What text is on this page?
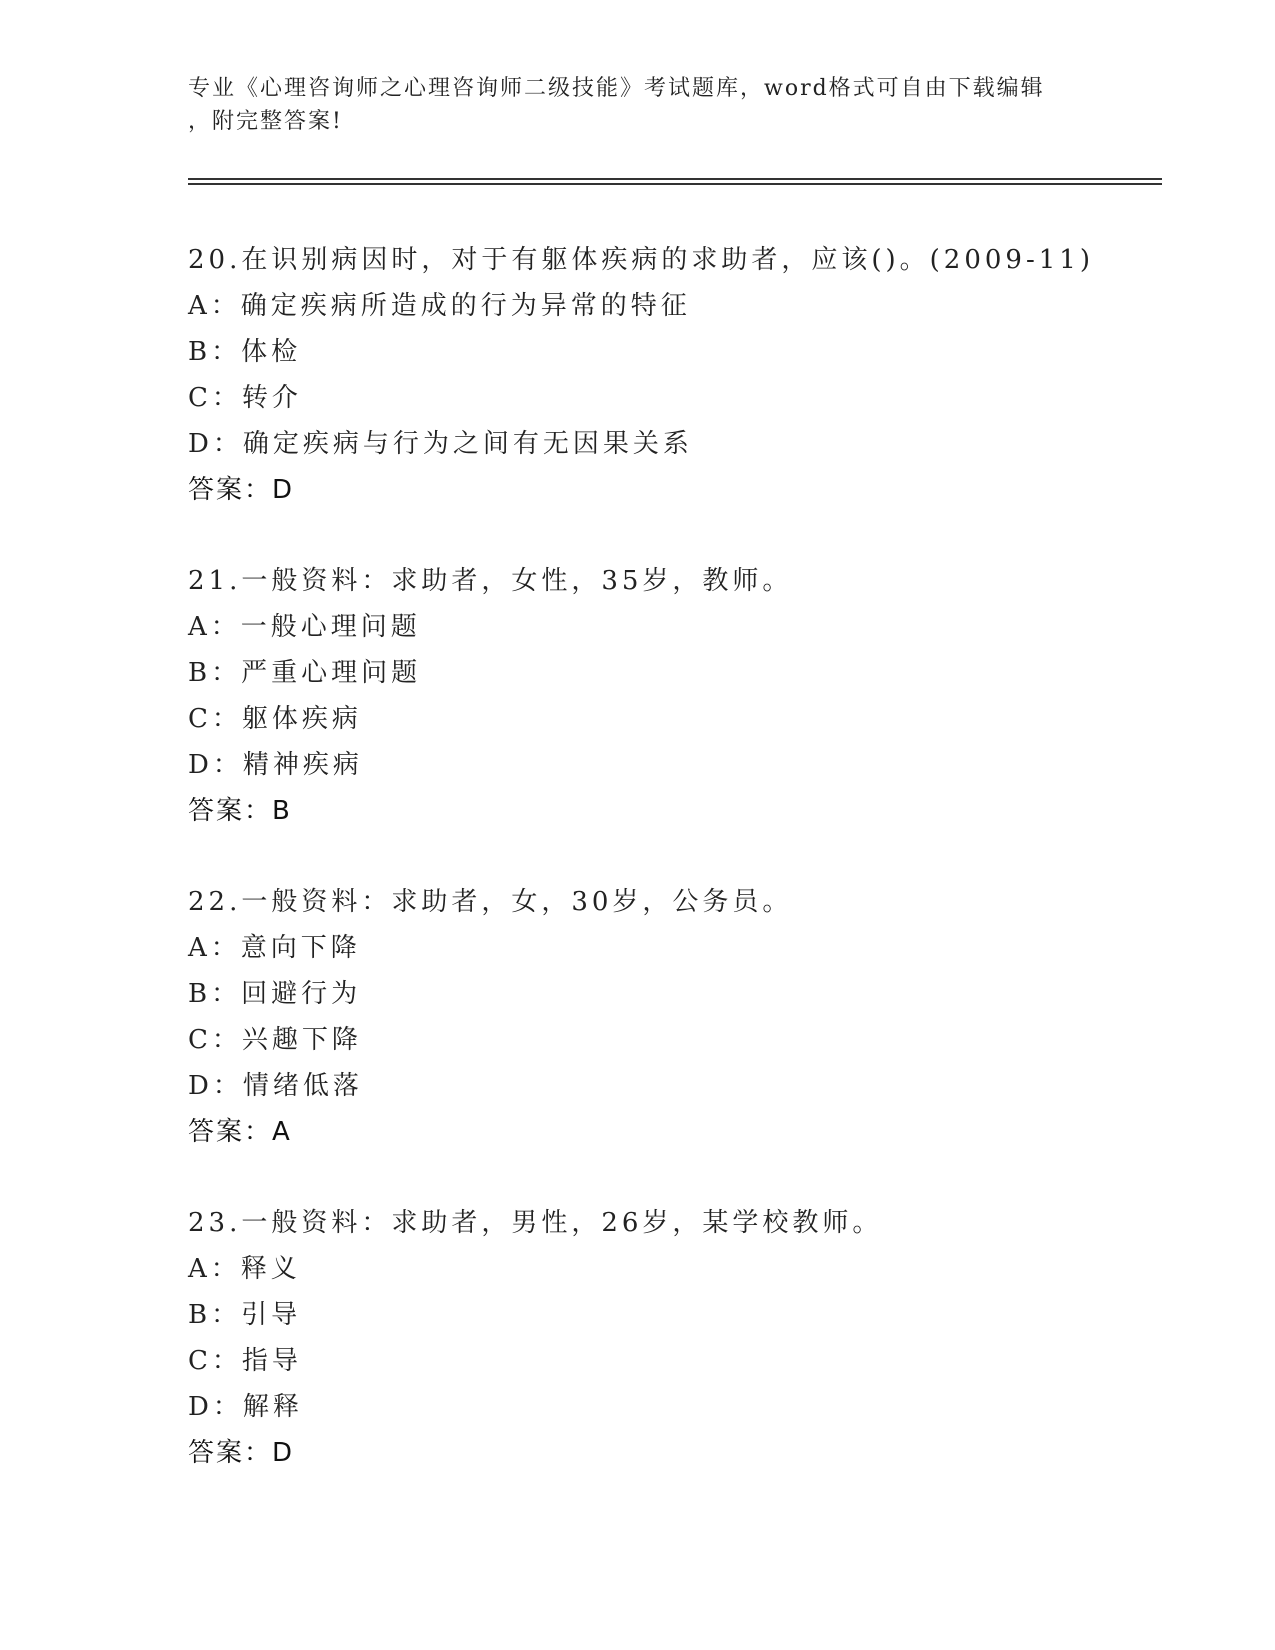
专业《心理咨询师之心理咨询师二级技能》考试题库，word格式可自由下载编辑
，附完整答案!
20.在识别病因时，对于有躯体疾病的求助者，应该()。(2009-11)
A：确定疾病所造成的行为异常的特征
B：体检
C：转介
D：确定疾病与行为之间有无因果关系
答案：D
21.一般资料：求助者，女性，35岁，教师。
A：一般心理问题
B：严重心理问题
C：躯体疾病
D：精神疾病
答案：B
22.一般资料：求助者，女，30岁，公务员。
A：意向下降
B：回避行为
C：兴趣下降
D：情绪低落
答案：A
23.一般资料：求助者，男性，26岁，某学校教师。
A：释义
B：引导
C：指导
D：解释
答案：D
